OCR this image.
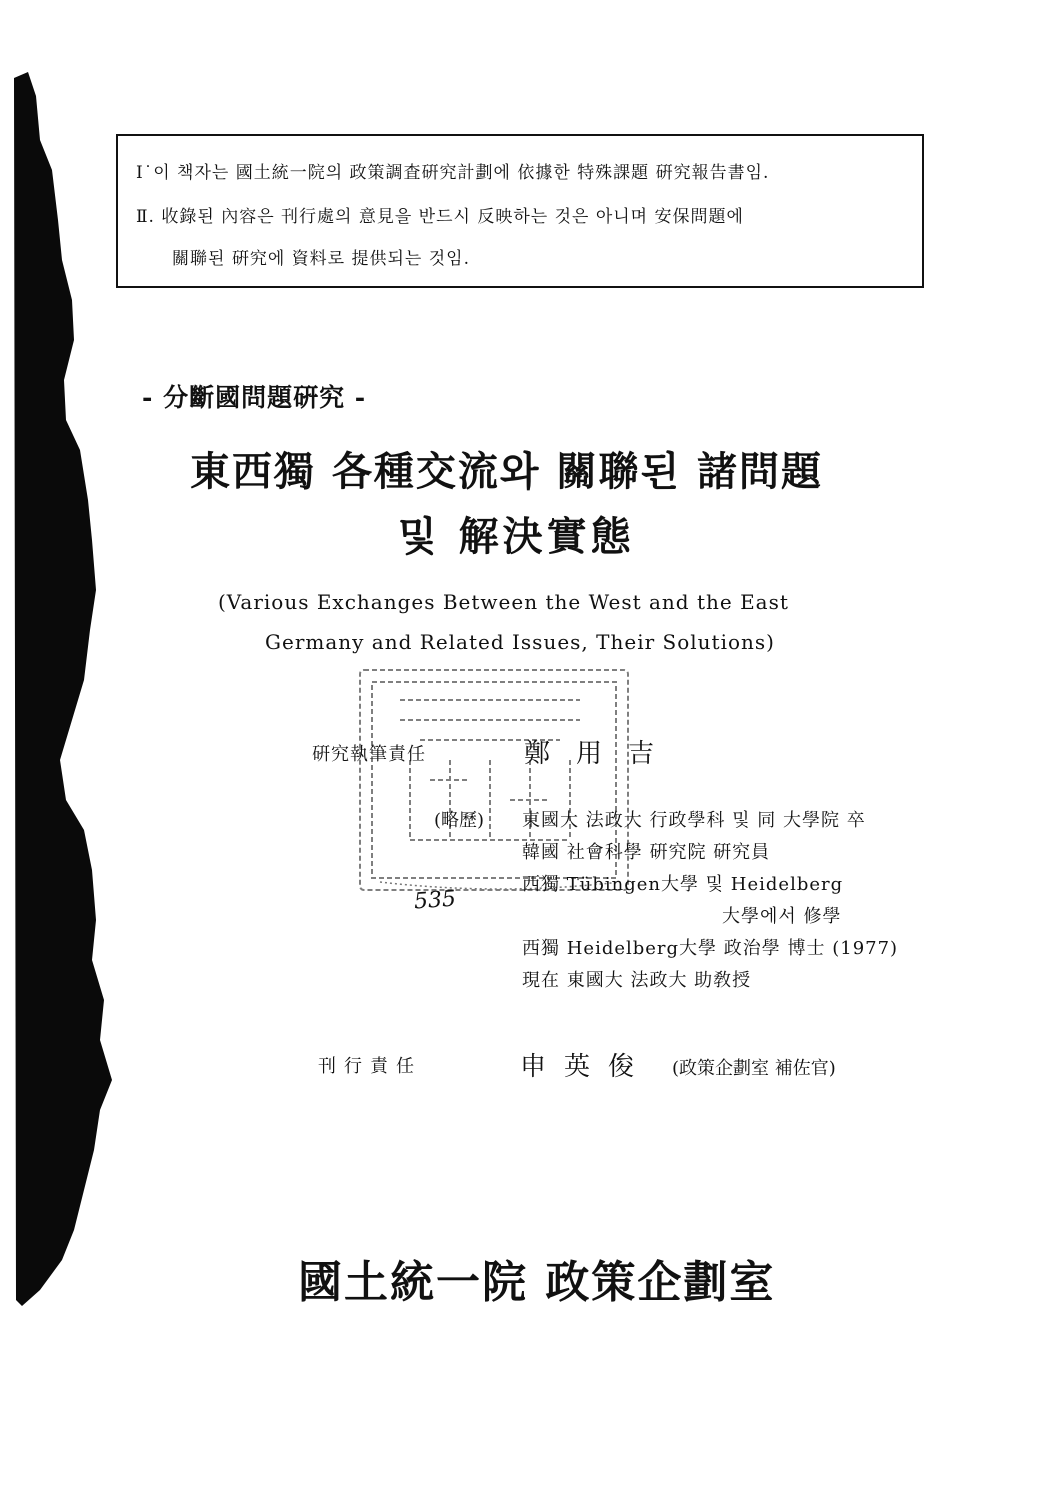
Ⅰ˙이 책자는 國土統一院의 政策調査硏究計劃에 依據한 特殊課題 硏究報告書임.
Ⅱ. 收錄된 內容은 刊行處의 意見을 반드시 反映하는 것은 아니며 安保問題에
關聯된 硏究에 資料로 提供되는 것임.
- 分斷國問題硏究 -
東西獨 各種交流와 關聯된 諸問題
및 解決實態
(Various Exchanges Between the West and the East
Germany and Related Issues, Their Solutions)
硏究執筆責任	鄭用吉
(略歷) 東國大 法政大 行政學科 및 同 大學院 卒
韓國 社會科學 硏究院 硏究員
西獨 Tübingen大學 및 Heidelberg
大學에서 修學
西獨 Heidelberg大學 政治學 博士 (1977)
現在 東國大 法政大 助敎授
535
刊行責任	申英俊 (政策企劃室 補佐官)
國土統一院 政策企劃室
